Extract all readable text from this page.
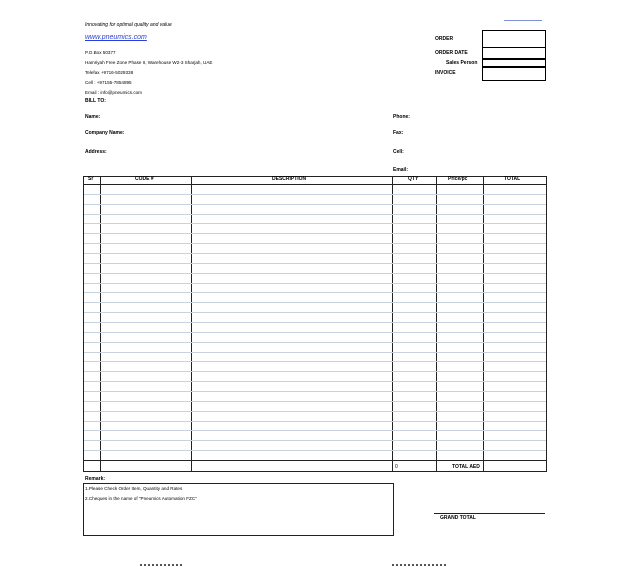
Innovating for optimal quality and value
www.pneumics.com
P.O.Box 50377
Hamriyah Free Zone Phase II, Warehouse W2-3 Sharjah, UAE
Telefax +9716-5029338
Cell : +97155-7854895
Email : info@pneumics.com
BILL TO:
ORDER
ORDER DATE
Sales Person
INVOICE
Name:
Company Name:
Address:
Phone:
Fax:
Cell:
Email:
Sr	CODE #	DESCRIPTION	QTY	Price/pc	TOTAL
0	TOTAL AED
Remark:
1.Please Check Order Item, Quantity and Rates
2.Cheques in the name of "Pneumics Automation FZC"
GRAND TOTAL
